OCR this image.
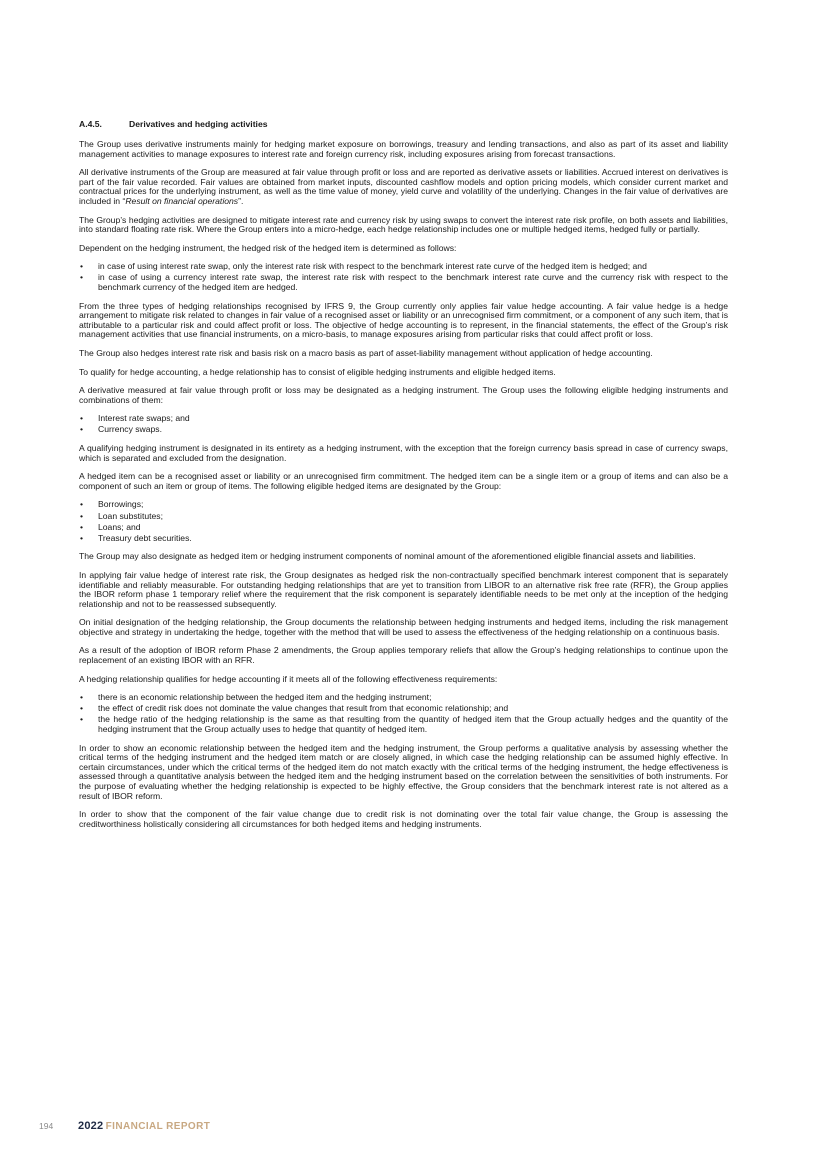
A.4.5.	Derivatives and hedging activities

The Group uses derivative instruments mainly for hedging market exposure on borrowings, treasury and lending transactions, and also as part of its asset and liability management activities to manage exposures to interest rate and foreign currency risk, including exposures arising from forecast transactions.

All derivative instruments of the Group are measured at fair value through profit or loss and are reported as derivative assets or liabilities. Accrued interest on derivatives is part of the fair value recorded. Fair values are obtained from market inputs, discounted cashflow models and option pricing models, which consider current market and contractual prices for the underlying instrument, as well as the time value of money, yield curve and volatility of the underlying. Changes in the fair value of derivatives are included in “Result on financial operations”.

The Group’s hedging activities are designed to mitigate interest rate and currency risk by using swaps to convert the interest rate risk profile, on both assets and liabilities, into standard floating rate risk. Where the Group enters into a micro-hedge, each hedge relationship includes one or multiple hedged items, hedged fully or partially.

Dependent on the hedging instrument, the hedged risk of the hedged item is determined as follows:

• in case of using interest rate swap, only the interest rate risk with respect to the benchmark interest rate curve of the hedged item is hedged; and
• in case of using a currency interest rate swap, the interest rate risk with respect to the benchmark interest rate curve and the currency risk with respect to the benchmark currency of the hedged item are hedged.

From the three types of hedging relationships recognised by IFRS 9, the Group currently only applies fair value hedge accounting. A fair value hedge is a hedge arrangement to mitigate risk related to changes in fair value of a recognised asset or liability or an unrecognised firm commitment, or a component of any such item, that is attributable to a particular risk and could affect profit or loss. The objective of hedge accounting is to represent, in the financial statements, the effect of the Group’s risk management activities that use financial instruments, on a micro-basis, to manage exposures arising from particular risks that could affect profit or loss.

The Group also hedges interest rate risk and basis risk on a macro basis as part of asset-liability management without application of hedge accounting.

To qualify for hedge accounting, a hedge relationship has to consist of eligible hedging instruments and eligible hedged items.

A derivative measured at fair value through profit or loss may be designated as a hedging instrument. The Group uses the following eligible hedging instruments and combinations of them:

• Interest rate swaps; and
• Currency swaps.

A qualifying hedging instrument is designated in its entirety as a hedging instrument, with the exception that the foreign currency basis spread in case of currency swaps, which is separated and excluded from the designation.

A hedged item can be a recognised asset or liability or an unrecognised firm commitment. The hedged item can be a single item or a group of items and can also be a component of such an item or group of items. The following eligible hedged items are designated by the Group:

• Borrowings;
• Loan substitutes;
• Loans; and
• Treasury debt securities.

The Group may also designate as hedged item or hedging instrument components of nominal amount of the aforementioned eligible financial assets and liabilities.

In applying fair value hedge of interest rate risk, the Group designates as hedged risk the non-contractually specified benchmark interest component that is separately identifiable and reliably measurable. For outstanding hedging relationships that are yet to transition from LIBOR to an alternative risk free rate (RFR), the Group applies the IBOR reform phase 1 temporary relief where the requirement that the risk component is separately identifiable needs to be met only at the inception of the hedging relationship and not to be reassessed subsequently.

On initial designation of the hedging relationship, the Group documents the relationship between hedging instruments and hedged items, including the risk management objective and strategy in undertaking the hedge, together with the method that will be used to assess the effectiveness of the hedging relationship on a continuous basis.

As a result of the adoption of IBOR reform Phase 2 amendments, the Group applies temporary reliefs that allow the Group’s hedging relationships to continue upon the replacement of an existing IBOR with an RFR.

A hedging relationship qualifies for hedge accounting if it meets all of the following effectiveness requirements:

• there is an economic relationship between the hedged item and the hedging instrument;
• the effect of credit risk does not dominate the value changes that result from that economic relationship; and
• the hedge ratio of the hedging relationship is the same as that resulting from the quantity of hedged item that the Group actually hedges and the quantity of the hedging instrument that the Group actually uses to hedge that quantity of hedged item.

In order to show an economic relationship between the hedged item and the hedging instrument, the Group performs a qualitative analysis by assessing whether the critical terms of the hedging instrument and the hedged item match or are closely aligned, in which case the hedging relationship can be assumed highly effective. In certain circumstances, under which the critical terms of the hedged item do not match exactly with the critical terms of the hedging instrument, the hedge effectiveness is assessed through a quantitative analysis between the hedged item and the hedging instrument based on the correlation between the sensitivities of both instruments. For the purpose of evaluating whether the hedging relationship is expected to be highly effective, the Group considers that the benchmark interest rate is not altered as a result of IBOR reform.

In order to show that the component of the fair value change due to credit risk is not dominating over the total fair value change, the Group is assessing the creditworthiness holistically considering all circumstances for both hedged items and hedging instruments.

194 2022 FINANCIAL REPORT
